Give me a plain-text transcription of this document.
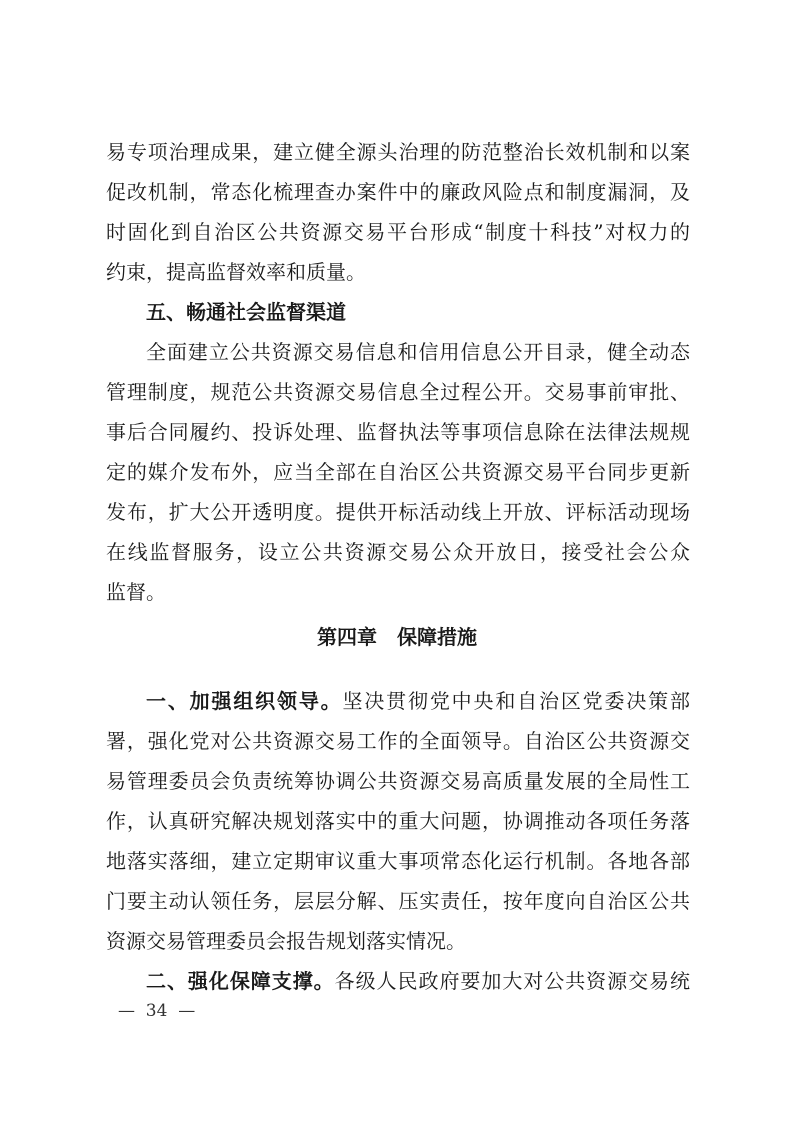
易专项治理成果，建立健全源头治理的防范整治长效机制和以案
促改机制，常态化梳理查办案件中的廉政风险点和制度漏洞，及
时固化到自治区公共资源交易平台形成“制度十科技”对权力的
约束，提高监督效率和质量。
五、畅通社会监督渠道
全面建立公共资源交易信息和信用信息公开目录，健全动态
管理制度，规范公共资源交易信息全过程公开。交易事前审批、
事后合同履约、投诉处理、监督执法等事项信息除在法律法规规
定的媒介发布外，应当全部在自治区公共资源交易平台同步更新
发布，扩大公开透明度。提供开标活动线上开放、评标活动现场
在线监督服务，设立公共资源交易公众开放日，接受社会公众
监督。
第四章　保障措施
一、加强组织领导。坚决贯彻党中央和自治区党委决策部
署，强化党对公共资源交易工作的全面领导。自治区公共资源交
易管理委员会负责统筹协调公共资源交易高质量发展的全局性工
作，认真研究解决规划落实中的重大问题，协调推动各项任务落
地落实落细，建立定期审议重大事项常态化运行机制。各地各部
门要主动认领任务，层层分解、压实责任，按年度向自治区公共
资源交易管理委员会报告规划落实情况。
二、强化保障支撑。各级人民政府要加大对公共资源交易统
—  34  —
